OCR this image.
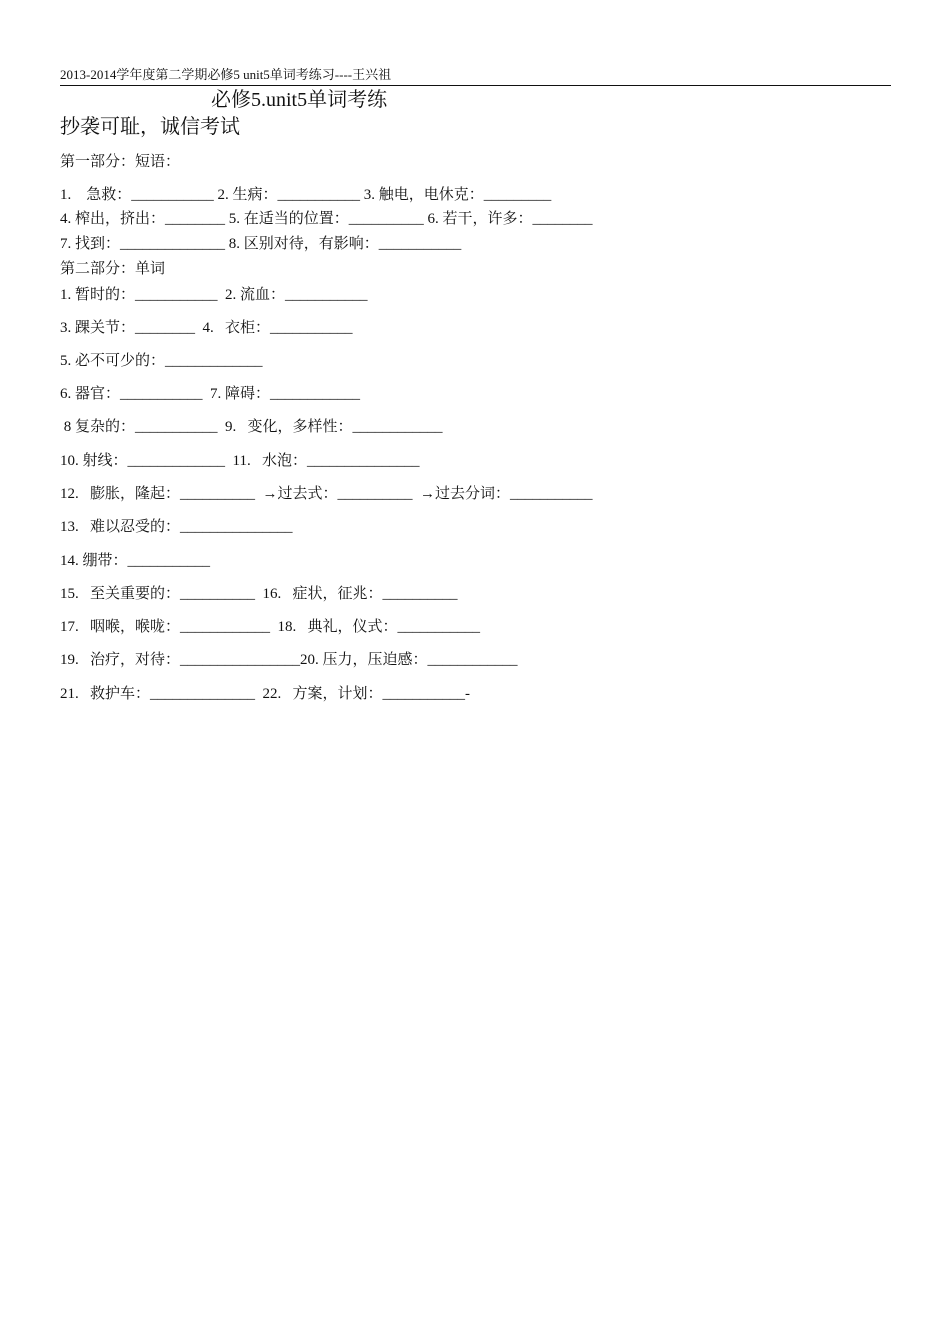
2013-2014学年度第二学期必修5 unit5单词考练习----王兴祖
必修5.unit5单词考练
抄袭可耻，诚信考试
第一部分：短语：
1.    急救：___________ 2. 生病：___________ 3. 触电，电休克：_________
4. 榨出，挤出：________ 5. 在适当的位置：__________ 6. 若干，许多：________
7. 找到：______________ 8. 区别对待，有影响：___________
第二部分：单词
1. 暂时的：___________  2. 流血：___________
3. 踝关节：________  4.   衣柜：___________
5. 必不可少的：_____________
6. 器官：___________  7. 障碍：____________
8 复杂的：___________  9.   变化，多样性：____________
10. 射线：_____________  11.   水泡：_______________
12.   膨胀，隆起：__________  →过去式：__________  →过去分词：___________
13.   难以忍受的：_______________
14. 绷带：___________
15.   至关重要的：__________  16.   症状，征兆：__________
17.   咽喉，喉咙：____________  18.   典礼，仪式：___________
19.   治疗，对待：________________20. 压力，压迫感：____________
21.   救护车：______________  22.   方案，计划：___________-
